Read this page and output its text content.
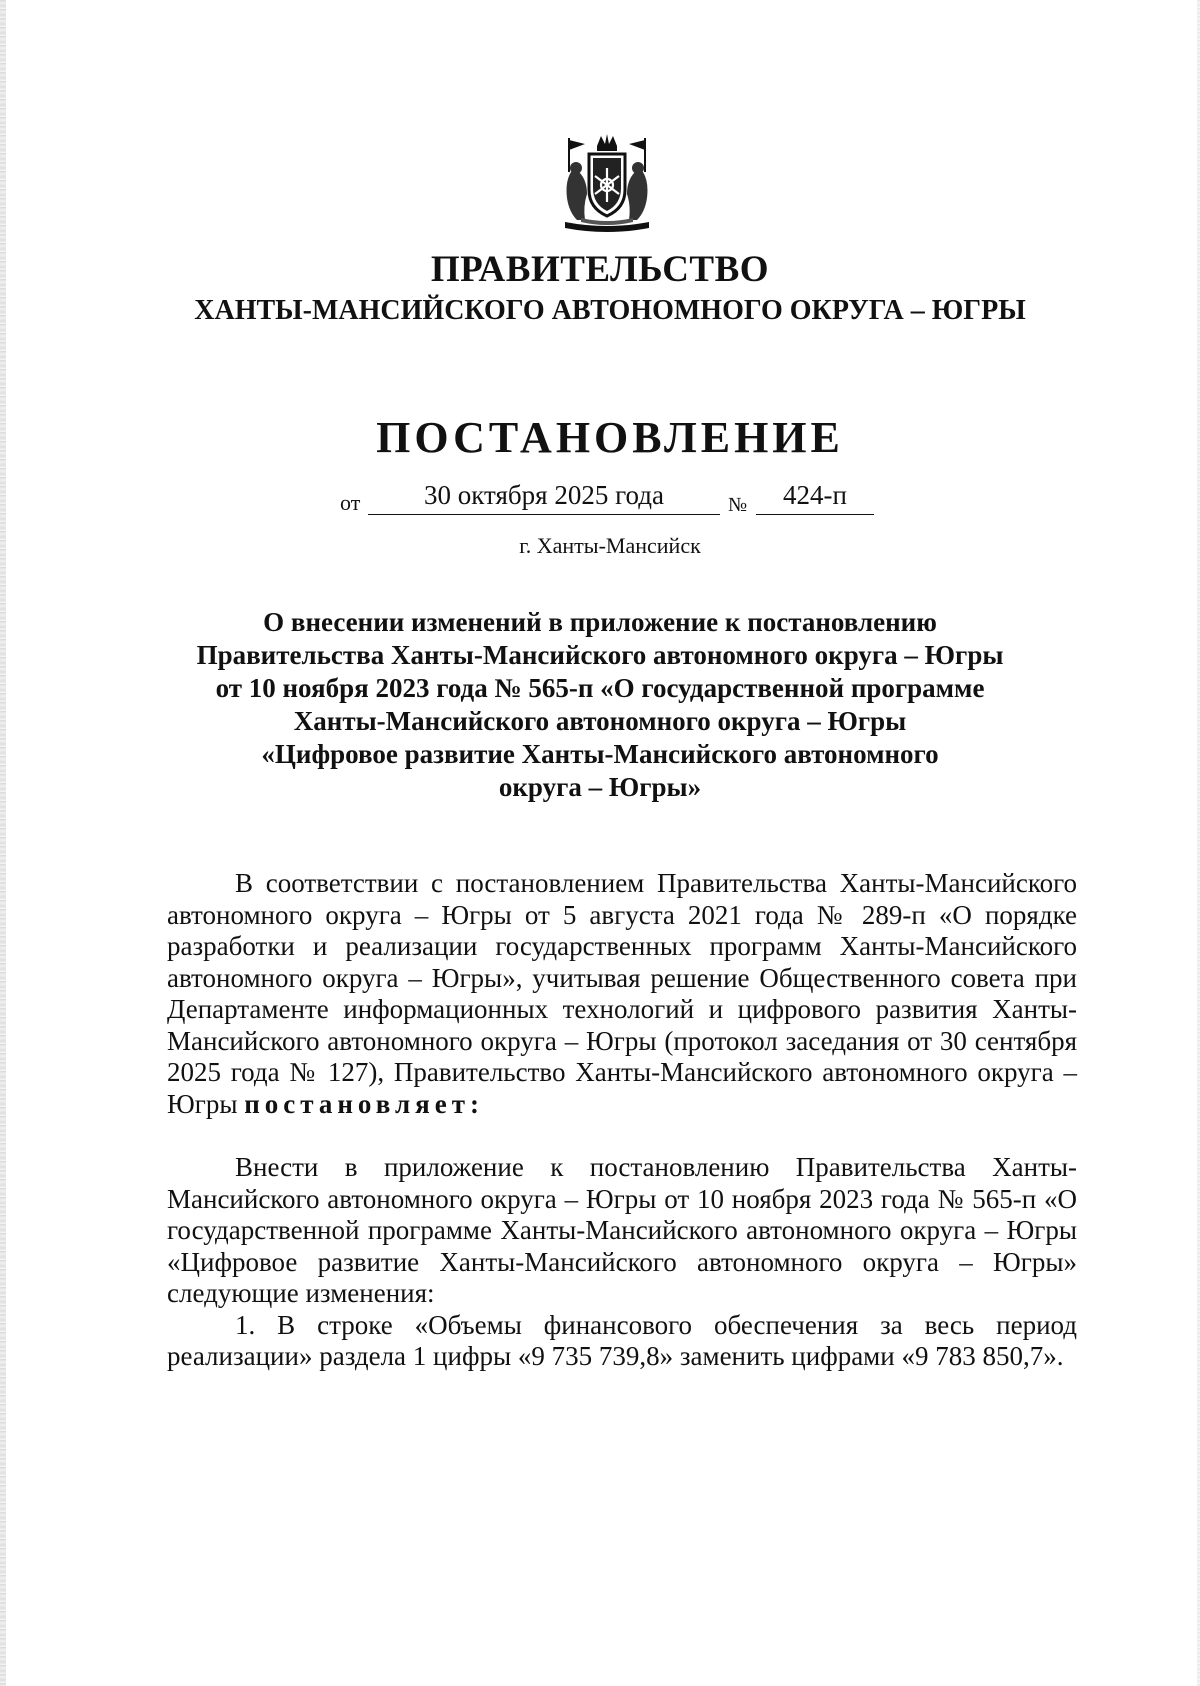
ПРАВИТЕЛЬСТВО
ХАНТЫ-МАНСИЙСКОГО АВТОНОМНОГО ОКРУГА – ЮГРЫ
ПОСТАНОВЛЕНИЕ
от	30 октября 2025 года	№	424-п
г. Ханты-Мансийск
О внесении изменений в приложение к постановлению
Правительства Ханты-Мансийского автономного округа – Югры
от 10 ноября 2023 года № 565-п «О государственной программе
Ханты-Мансийского автономного округа – Югры
«Цифровое развитие Ханты-Мансийского автономного
округа – Югры»

В соответствии с постановлением Правительства Ханты-Мансийского автономного округа – Югры от 5 августа 2021 года № 289-п «О порядке разработки и реализации государственных программ Ханты-Мансийского автономного округа – Югры», учитывая решение Общественного совета при Департаменте информационных технологий и цифрового развития Ханты-Мансийского автономного округа – Югры (протокол заседания от 30 сентября 2025 года № 127), Правительство Ханты-Мансийского автономного округа – Югры постановляет:

Внести в приложение к постановлению Правительства Ханты-Мансийского автономного округа – Югры от 10 ноября 2023 года № 565-п «О государственной программе Ханты-Мансийского автономного округа – Югры «Цифровое развитие Ханты-Мансийского автономного округа – Югры» следующие изменения:

1. В строке «Объемы финансового обеспечения за весь период реализации» раздела 1 цифры «9 735 739,8» заменить цифрами «9 783 850,7».
